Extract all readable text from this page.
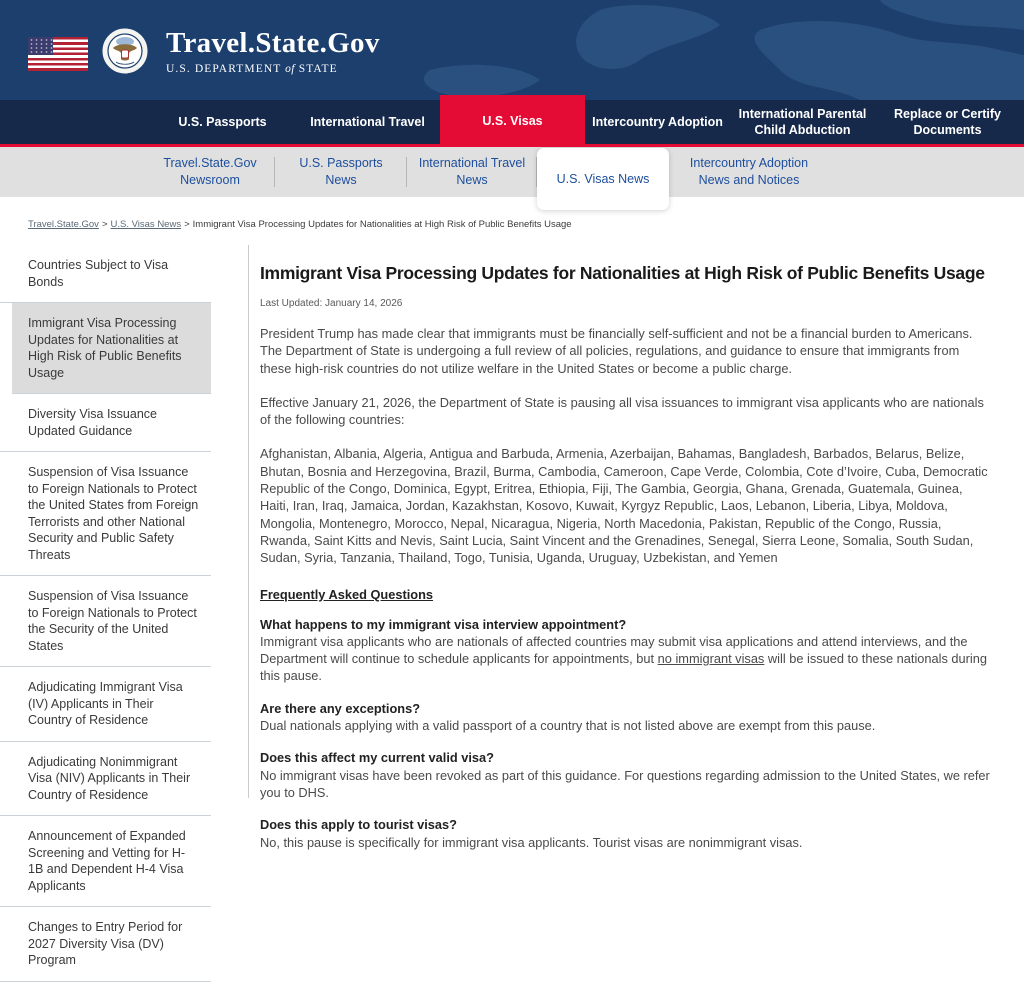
Travel.State.Gov
U.S. DEPARTMENT of STATE
U.S. Passports	International Travel	U.S. Visas	Intercountry Adoption
International Parental Child Abduction
Replace or Certify Documents
Travel.State.Gov Newsroom
U.S. Passports News
International Travel News	U.S. Visas News
Intercountry Adoption News and Notices
Travel.State.Gov > U.S. Visas News > Immigrant Visa Processing Updates for Nationalities at High Risk of Public Benefits Usage
Countries Subject to Visa Bonds
Immigrant Visa Processing Updates for Nationalities at High Risk of Public Benefits Usage
Diversity Visa Issuance Updated Guidance
Suspension of Visa Issuance to Foreign Nationals to Protect the United States from Foreign Terrorists and other National Security and Public Safety Threats
Suspension of Visa Issuance to Foreign Nationals to Protect the Security of the United States
Adjudicating Immigrant Visa (IV) Applicants in Their Country of Residence
Adjudicating Nonimmigrant Visa (NIV) Applicants in Their Country of Residence
Announcement of Expanded Screening and Vetting for H-1B and Dependent H-4 Visa Applicants
Changes to Entry Period for 2027 Diversity Visa (DV) Program
Immigrant Visa Processing Updates for Nationalities at High Risk of Public Benefits Usage
Last Updated: January 14, 2026

President Trump has made clear that immigrants must be financially self-sufficient and not be a financial burden to Americans. The Department of State is undergoing a full review of all policies, regulations, and guidance to ensure that immigrants from these high-risk countries do not utilize welfare in the United States or become a public charge.

Effective January 21, 2026, the Department of State is pausing all visa issuances to immigrant visa applicants who are nationals of the following countries:

Afghanistan, Albania, Algeria, Antigua and Barbuda, Armenia, Azerbaijan, Bahamas, Bangladesh, Barbados, Belarus, Belize, Bhutan, Bosnia and Herzegovina, Brazil, Burma, Cambodia, Cameroon, Cape Verde, Colombia, Cote d’Ivoire, Cuba, Democratic Republic of the Congo, Dominica, Egypt, Eritrea, Ethiopia, Fiji, The Gambia, Georgia, Ghana, Grenada, Guatemala, Guinea, Haiti, Iran, Iraq, Jamaica, Jordan, Kazakhstan, Kosovo, Kuwait, Kyrgyz Republic, Laos, Lebanon, Liberia, Libya, Moldova, Mongolia, Montenegro, Morocco, Nepal, Nicaragua, Nigeria, North Macedonia, Pakistan, Republic of the Congo, Russia, Rwanda, Saint Kitts and Nevis, Saint Lucia, Saint Vincent and the Grenadines, Senegal, Sierra Leone, Somalia, South Sudan, Sudan, Syria, Tanzania, Thailand, Togo, Tunisia, Uganda, Uruguay, Uzbekistan, and Yemen

Frequently Asked Questions
What happens to my immigrant visa interview appointment?
Immigrant visa applicants who are nationals of affected countries may submit visa applications and attend interviews, and the Department will continue to schedule applicants for appointments, but no immigrant visas will be issued to these nationals during this pause.
Are there any exceptions?
Dual nationals applying with a valid passport of a country that is not listed above are exempt from this pause.
Does this affect my current valid visa?
No immigrant visas have been revoked as part of this guidance. For questions regarding admission to the United States, we refer you to DHS.
Does this apply to tourist visas?
No, this pause is specifically for immigrant visa applicants. Tourist visas are nonimmigrant visas.
